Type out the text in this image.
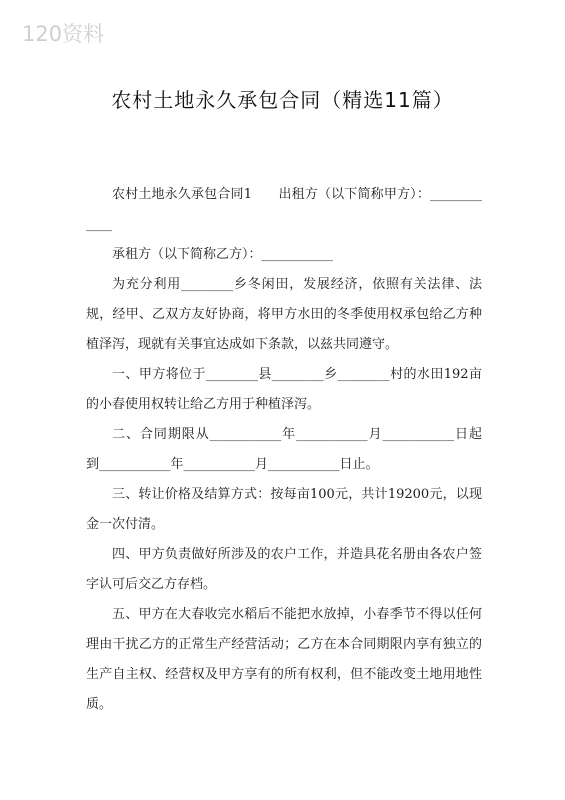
120资料
农村土地永久承包合同（精选11篇）

农村土地永久承包合同1　　出租方（以下简称甲方）：____________

承租方（以下简称乙方）：___________

为充分利用________乡冬闲田，发展经济，依照有关法律、法规，经甲、乙双方友好协商，将甲方水田的冬季使用权承包给乙方种植泽泻，现就有关事宜达成如下条款，以兹共同遵守。

一、甲方将位于________县________乡________村的水田192亩的小春使用权转让给乙方用于种植泽泻。

二、合同期限从___________年___________月___________日起到___________年___________月___________日止。

三、转让价格及结算方式：按每亩100元，共计19200元，以现金一次付清。

四、甲方负责做好所涉及的农户工作，并造具花名册由各农户签字认可后交乙方存档。

五、甲方在大春收完水稻后不能把水放掉，小春季节不得以任何理由干扰乙方的正常生产经营活动；乙方在本合同期限内享有独立的生产自主权、经营权及甲方享有的所有权利，但不能改变土地用地性质。
